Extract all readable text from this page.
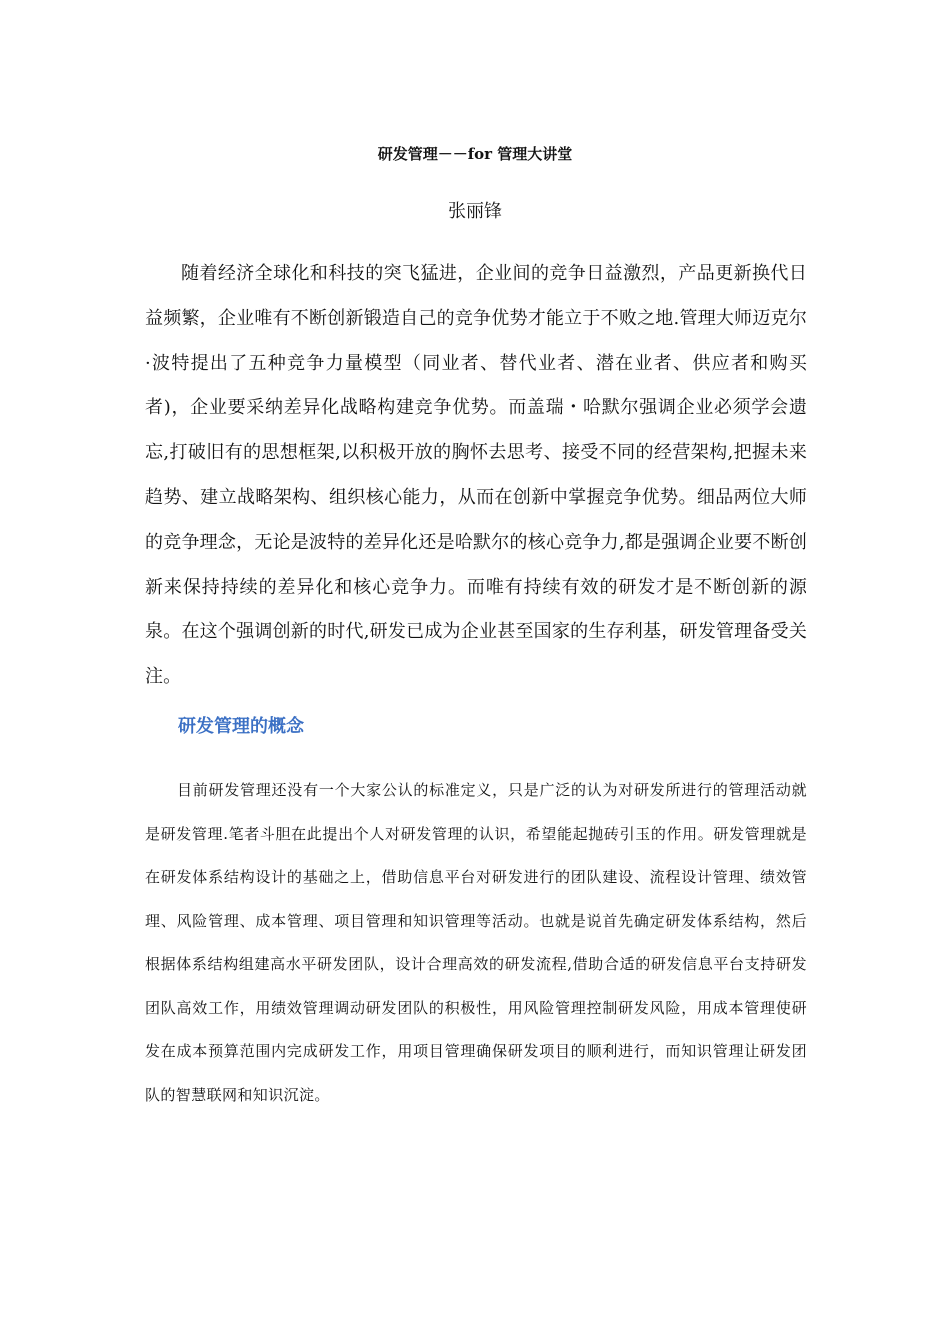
研发管理－－for 管理大讲堂
张丽锋

随着经济全球化和科技的突飞猛进，企业间的竞争日益激烈，产品更新换代日益频繁，企业唯有不断创新锻造自己的竞争优势才能立于不败之地.管理大师迈克尔·波特提出了五种竞争力量模型（同业者、替代业者、潜在业者、供应者和购买者)，企业要采纳差异化战略构建竞争优势。而盖瑞・哈默尔强调企业必须学会遗忘,打破旧有的思想框架,以积极开放的胸怀去思考、接受不同的经营架构,把握未来趋势、建立战略架构、组织核心能力，从而在创新中掌握竞争优势。细品两位大师的竞争理念，无论是波特的差异化还是哈默尔的核心竞争力,都是强调企业要不断创新来保持持续的差异化和核心竞争力。而唯有持续有效的研发才是不断创新的源泉。在这个强调创新的时代,研发已成为企业甚至国家的生存利基，研发管理备受关注。

研发管理的概念

目前研发管理还没有一个大家公认的标准定义，只是广泛的认为对研发所进行的管理活动就是研发管理.笔者斗胆在此提出个人对研发管理的认识，希望能起抛砖引玉的作用。研发管理就是在研发体系结构设计的基础之上，借助信息平台对研发进行的团队建设、流程设计管理、绩效管理、风险管理、成本管理、项目管理和知识管理等活动。也就是说首先确定研发体系结构，然后根据体系结构组建高水平研发团队，设计合理高效的研发流程,借助合适的研发信息平台支持研发团队高效工作，用绩效管理调动研发团队的积极性，用风险管理控制研发风险，用成本管理使研发在成本预算范围内完成研发工作，用项目管理确保研发项目的顺利进行，而知识管理让研发团队的智慧联网和知识沉淀。
